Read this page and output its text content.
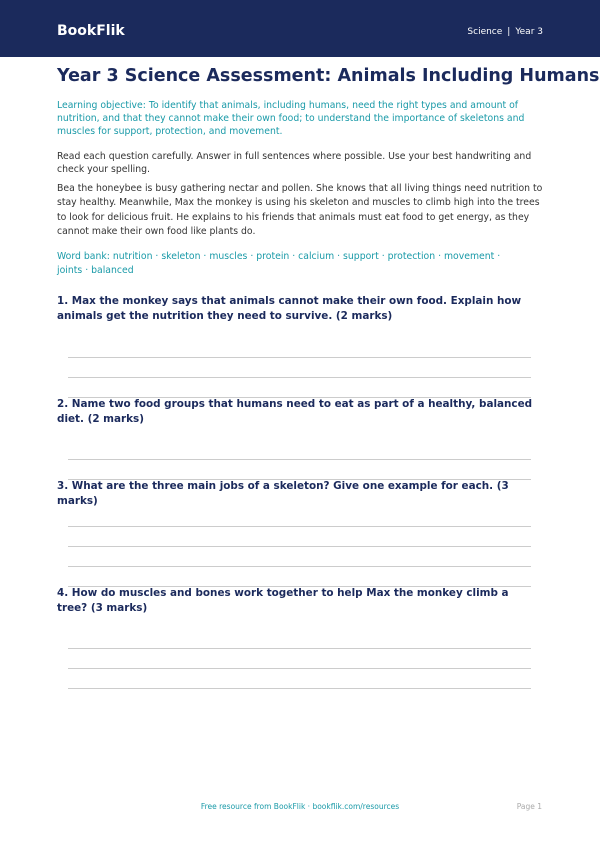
BookFlik	Science | Year 3
Year 3 Science Assessment: Animals Including Humans

Learning objective: To identify that animals, including humans, need the right types and amount of nutrition, and that they cannot make their own food; to understand the importance of skeletons and muscles for support, protection, and movement.

Read each question carefully. Answer in full sentences where possible. Use your best handwriting and check your spelling.

Bea the honeybee is busy gathering nectar and pollen. She knows that all living things need nutrition to stay healthy. Meanwhile, Max the monkey is using his skeleton and muscles to climb high into the trees to look for delicious fruit. He explains to his friends that animals must eat food to get energy, as they cannot make their own food like plants do.

Word bank: nutrition · skeleton · muscles · protein · calcium · support · protection · movement · joints · balanced

1. Max the monkey says that animals cannot make their own food. Explain how animals get the nutrition they need to survive. (2 marks)

2. Name two food groups that humans need to eat as part of a healthy, balanced diet. (2 marks)

3. What are the three main jobs of a skeleton? Give one example for each. (3 marks)

4. How do muscles and bones work together to help Max the monkey climb a tree? (3 marks)

Free resource from BookFlik · bookflik.com/resources	Page 1
